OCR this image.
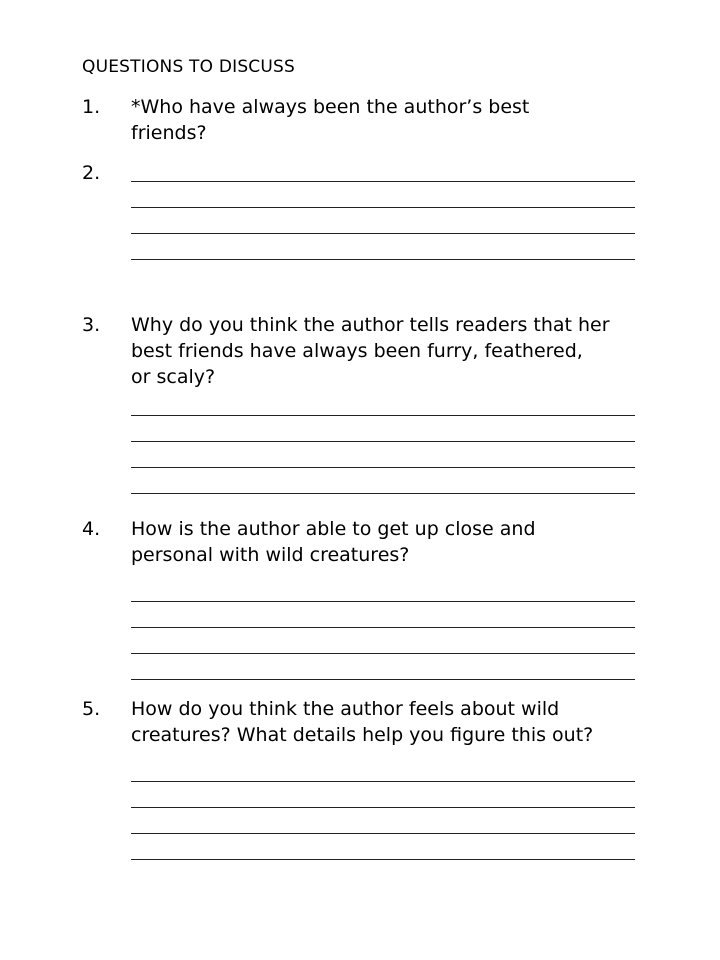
QUESTIONS TO DISCUSS
1. *Who have always been the author’s best
friends?
2.
3. Why do you think the author tells readers that her
best friends have always been furry, feathered,
or scaly?
4. How is the author able to get up close and
personal with wild creatures?
5. How do you think the author feels about wild
creatures? What details help you figure this out?
